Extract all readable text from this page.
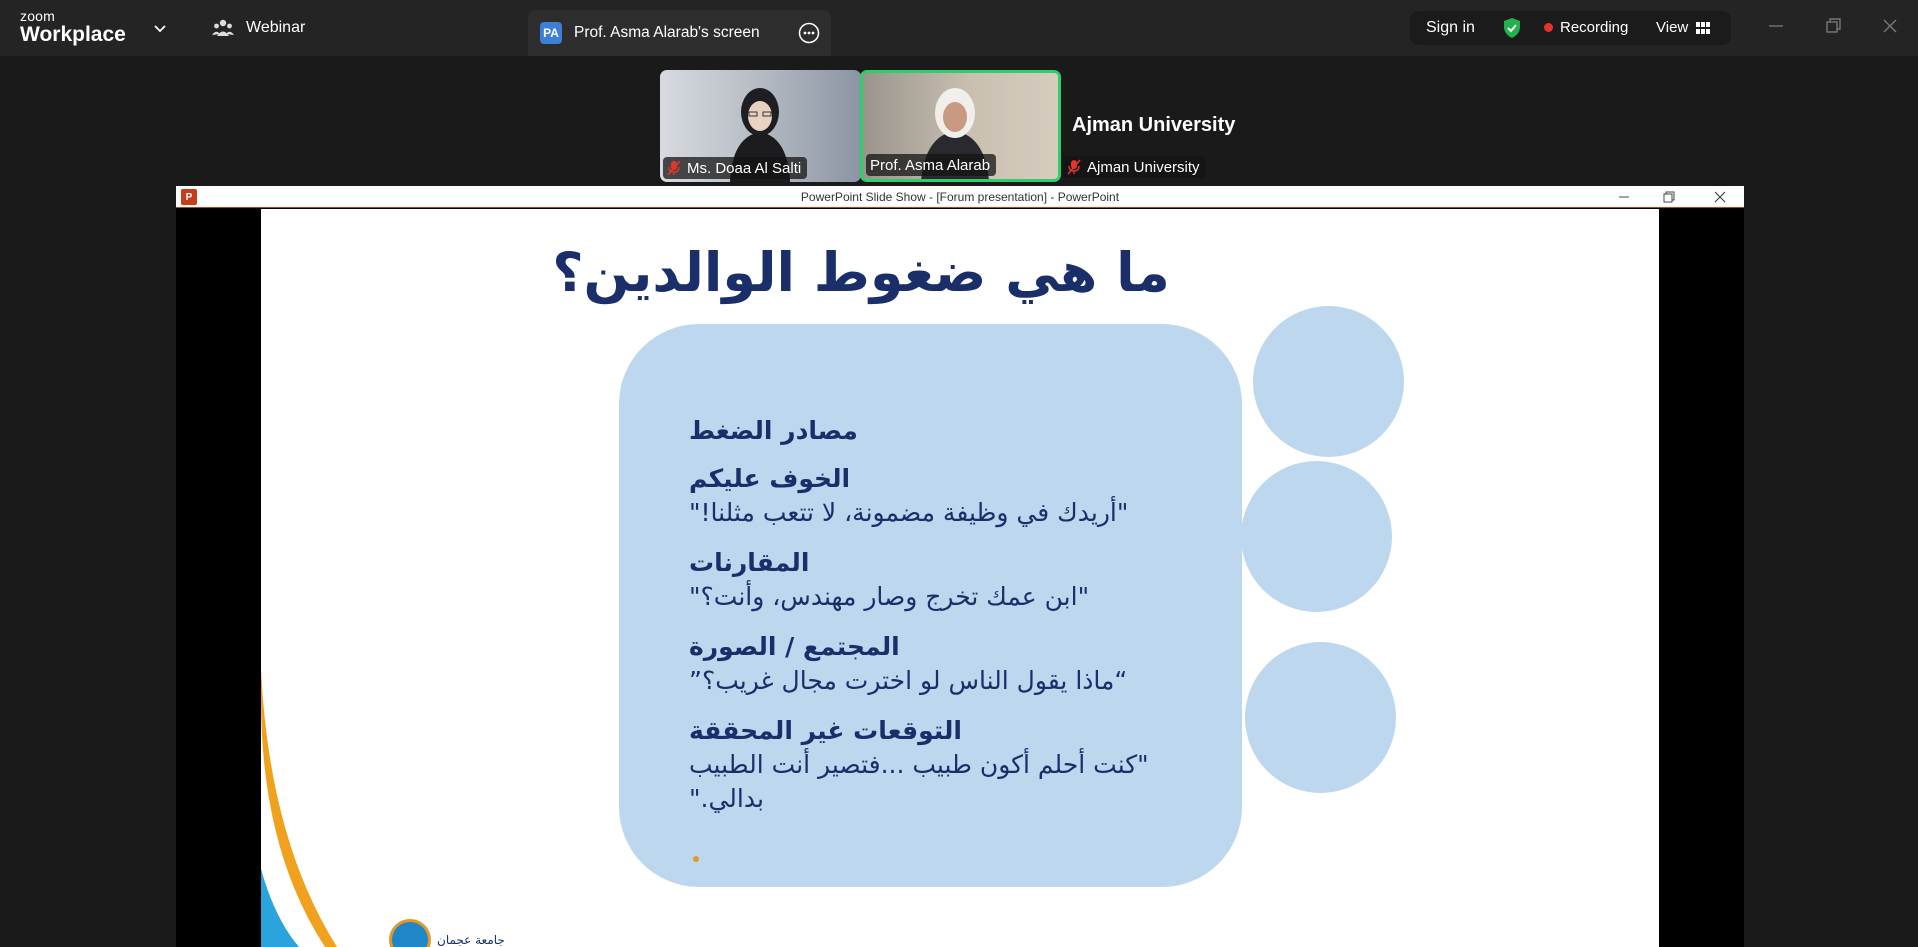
zoom
Workplace	Webinar	PA Prof. Asma Alarab's screen	Sign in	Recording View
Ms. Doaa Al Salti	Prof. Asma Alarab
Ajman University
Ajman University
P	PowerPoint Slide Show - [Forum presentation] - PowerPoint
ما هي ضغوط الوالدين؟
مصادر الضغط
الخوف عليكم
"أريدك في وظيفة مضمونة، لا تتعب مثلنا!"
المقارنات
"ابن عمك تخرج وصار مهندس، وأنت؟"
المجتمع / الصورة
“ماذا يقول الناس لو اخترت مجال غريب؟”
التوقعات غير المحققة
"كنت أحلم أكون طبيب ...فتصير أنت الطبيب بدالي."
جامعة عجمان
